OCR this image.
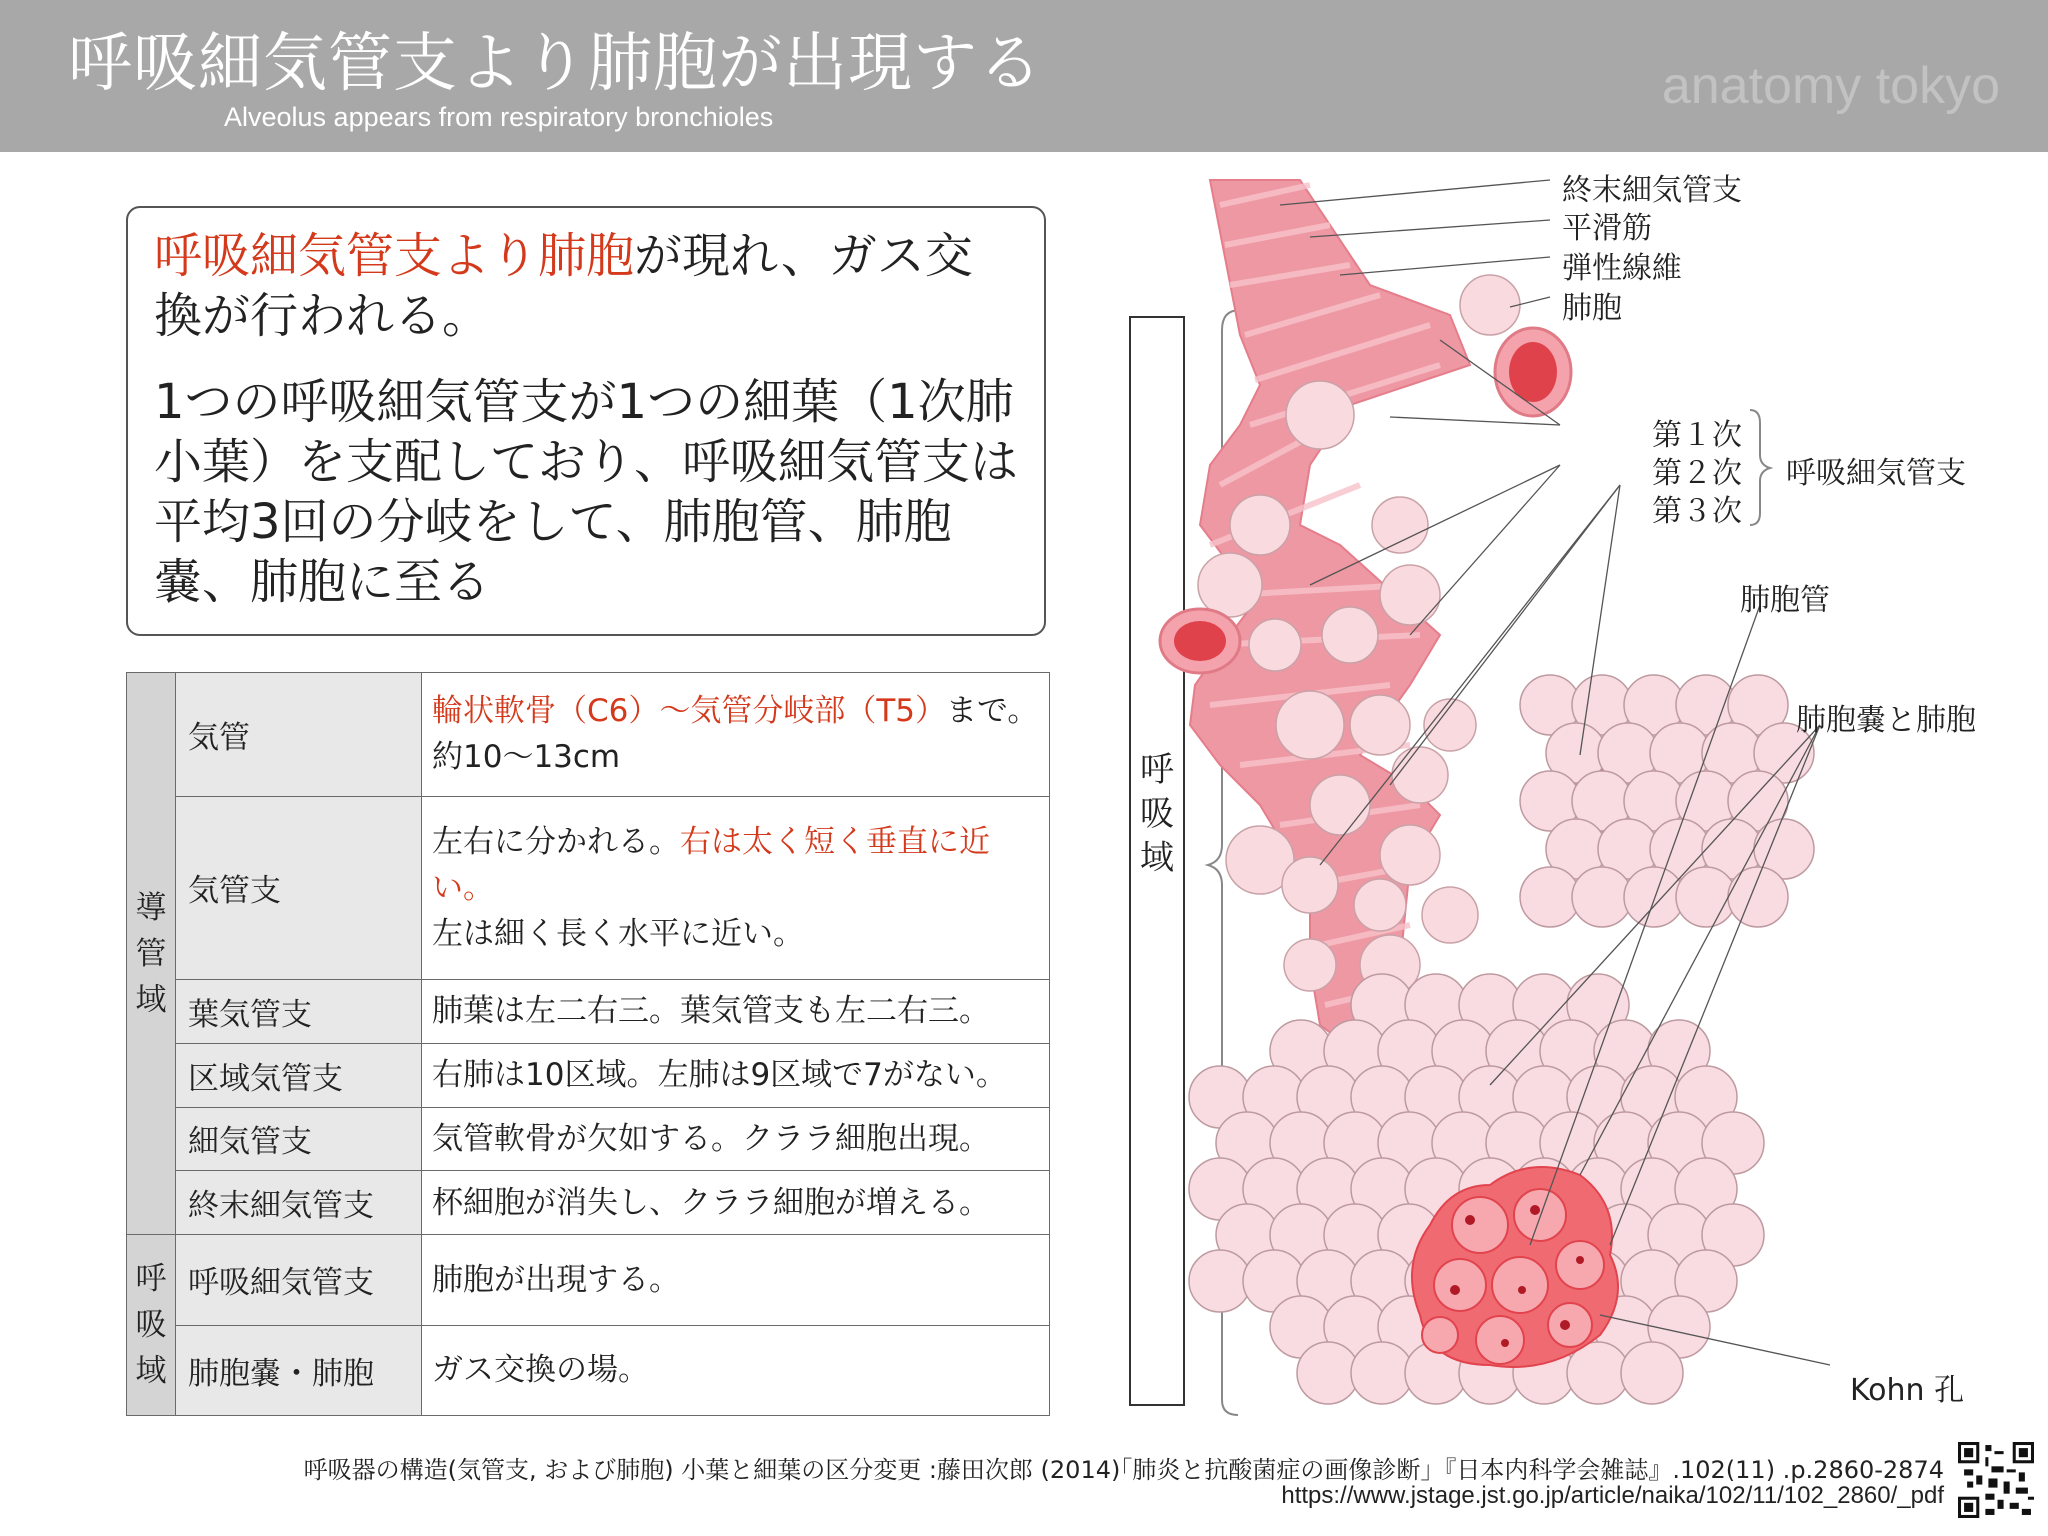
呼吸細気管支より肺胞が出現する
Alveolus appears from respiratory bronchioles
anatomy tokyo

呼吸細気管支より肺胞が現れ、ガス交換が行われる。

1つの呼吸細気管支が1つの細葉（1次肺小葉）を支配しており、呼吸細気管支は平均3回の分岐をして、肺胞管、肺胞嚢、肺胞に至る

導
管
域	気管	輪状軟骨（C6）〜気管分岐部（T5）まで。
約10〜13cm
	気管支	左右に分かれる。右は太く短く垂直に近い。
左は細く長く水平に近い。
	葉気管支	肺葉は左二右三。葉気管支も左二右三。
	区域気管支	右肺は10区域。左肺は9区域で7がない。
	細気管支	気管軟骨が欠如する。クララ細胞出現。
	終末細気管支	杯細胞が消失し、クララ細胞が増える。
呼
吸
域	呼吸細気管支	肺胞が出現する。
	肺胞嚢・肺胞	ガス交換の場。
呼吸域
終末細気管支
平滑筋
弾性線維
肺胞
第１次
第２次
第３次
呼吸細気管支
肺胞管
肺胞嚢と肺胞
Kohn 孔
呼吸器の構造(気管支, および肺胞) 小葉と細葉の区分変更 :藤田次郎 (2014)｢肺炎と抗酸菌症の画像診断｣『日本内科学会雑誌』.102(11) .p.2860-2874
https://www.jstage.jst.go.jp/article/naika/102/11/102_2860/_pdf
